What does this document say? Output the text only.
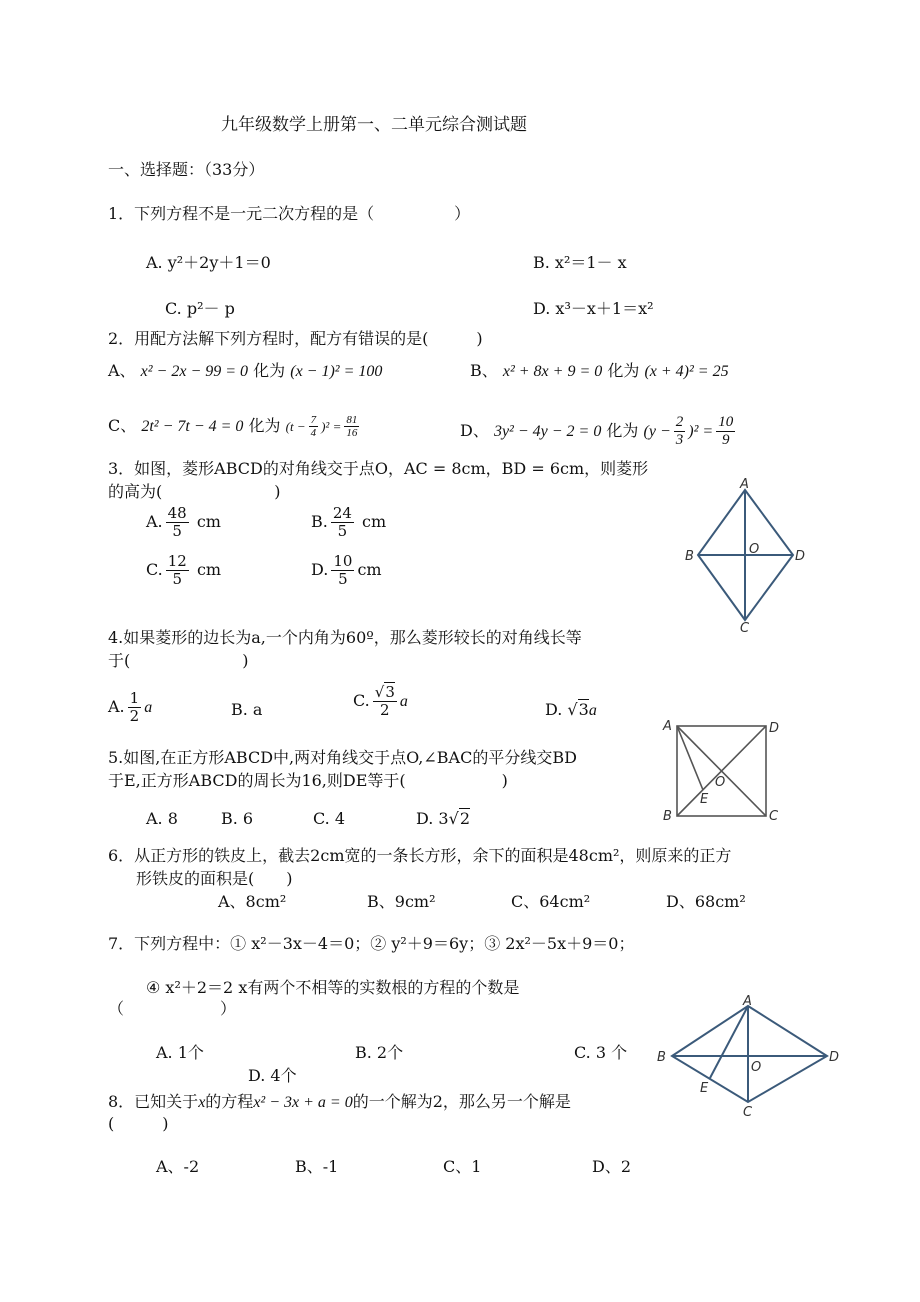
九年级数学上册第一、二单元综合测试题
一、选择题：（33分）
1．下列方程不是一元二次方程的是（　　　　　）
A. y²＋2y＋1＝0	B. x²＝1－ x
C. p²－ p	D. x³－x＋1＝x²
2．用配方法解下列方程时，配方有错误的是(　　　)
A、 x² − 2x − 99 = 0 化为 (x − 1)² = 100	B、 x² + 8x + 9 = 0 化为 (x + 4)² = 25
C、 2t² − 7t − 4 = 0 化为 $(t - \frac{7}{4} )^2 = \frac{81}{16}$	D、 3y² − 4y − 2 = 0 化为 $(y - \frac{2}{3} )^2 = \frac{10}{9}$
3．如图，菱形ABCD的对角线交于点O，AC = 8cm，BD = 6cm，则菱形
的高为(　　　　　　　)
A. $\frac{48}{5}$ cm	B. $\frac{24}{5}$ cm
C. $\frac{12}{5}$ cm	D. $\frac{10}{5}$ cm
A
B
C
D
O
4.如果菱形的边长为a,一个内角为60º，那么菱形较长的对角线长等
于(　　　　　　　)
A. $\frac{1}{2}$ a	B. a	C. $\frac{√3}{2}$ a	D. √3a
A	D
B	C
O
E
5.如图,在正方形ABCD中,两对角线交于点O,∠BAC的平分线交BD
于E,正方形ABCD的周长为16,则DE等于(　　　　　　)
A. 8	B. 6	C. 4	D. 3√2
6．从正方形的铁皮上，截去2cm宽的一条长方形，余下的面积是48cm²，则原来的正方
形铁皮的面积是(　　)
A、8cm²	B、9cm²	C、64cm²	D、68cm²
7．下列方程中：① x²－3x－4＝0；② y²＋9＝6y；③ 2x²－5x＋9＝0；
④ x²＋2＝2 x有两个不相等的实数根的方程的个数是
（　　　　　　）
A. 1个	B. 2个	C. 3 个
D. 4个
A
B
C
D
O
E
8．已知关于x的方程x² − 3x + a = 0的一个解为2，那么另一个解是
(　　　)
A、-2	B、-1	C、1	D、2
